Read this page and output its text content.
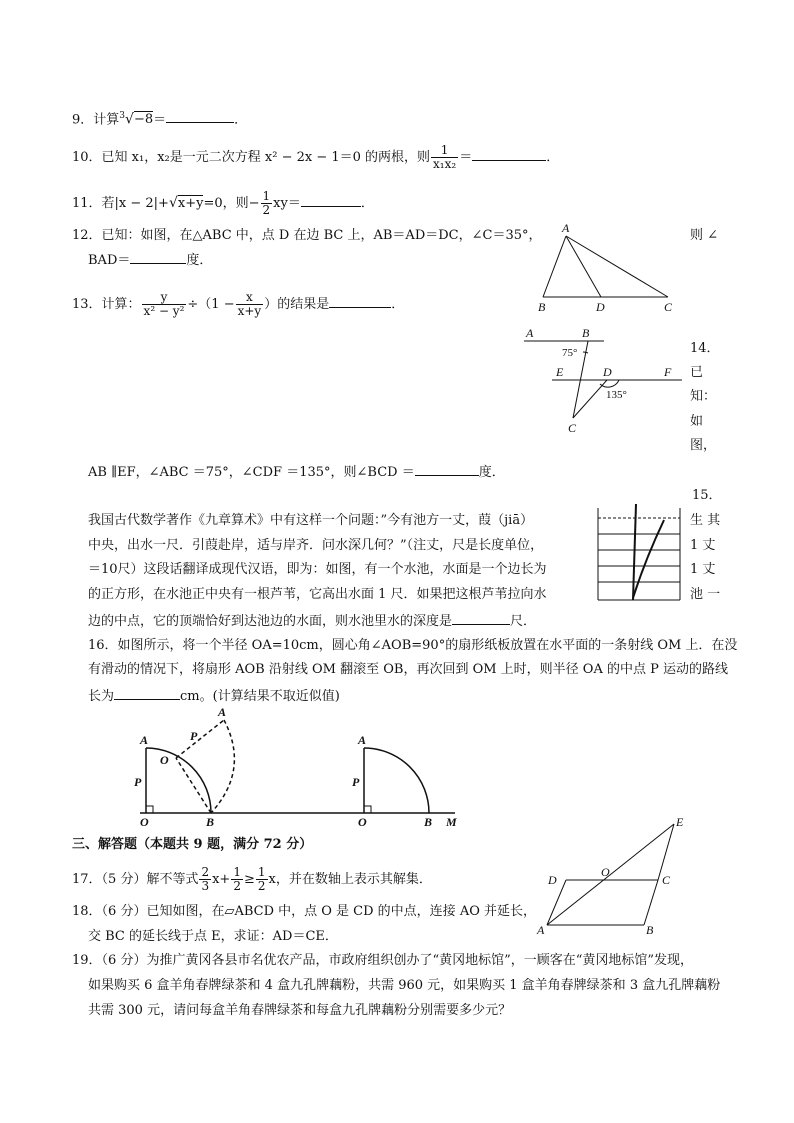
9．计算$^3$√−8＝	．
10．已知 x₁，x₂是一元二次方程 x² − 2x − 1＝0 的两根，则 $\frac{1}{\text{x₁x₂}}$ ＝	．
11．若|x − 2|+√x+y=0，则− $\frac{1}{2} xy=$	．
12．已知：如图，在△ABC 中，点 D 在边 BC 上，AB＝AD＝DC，∠C＝35°，	则 ∠
BAD＝	度．
A
B	D	C
13．计算： $\frac{y}{\text{x² − y²}} \div(1 - \frac{x}{x+y}$ ）的结果是	．
A	B
E	D	F
C
75°
135°
14．
已
知：
如
图，
AB ∥EF，∠ABC ＝75°，∠CDF ＝135°，则∠BCD ＝	度．
15．
我国古代数学著作《九章算术》中有这样一个问题：”今有池方一丈，葭（jiā）
中央，出水一尺．引葭赴岸，适与岸齐．问水深几何？”（注丈，尺是长度单位，
＝10尺）这段话翻译成现代汉语，即为：如图，有一个水池，水面是一个边长为
的正方形，在水池正中央有一根芦苇，它高出水面 1 尺．如果把这根芦苇拉向水
边的中点，它的顶端恰好到达池边的水面，则水池里水的深度是	尺．
生 其
1 丈
1 丈
池 一
16．如图所示，将一个半径 OA=10cm，圆心角∠AOB=90°的扇形纸板放置在水平面的一条射线 OM 上．在没
有滑动的情况下，将扇形 AOB 沿射线 OM 翻滚至 OB，再次回到 OM 上时，则半径 OA 的中点 P 运动的路线
长为	cm。(计算结果不取近似值)
A
P
O	B
A
P
O
A
P
O	B M
三、解答题（本题共 9 题，满分 72 分）
E
D
O
C
A	B
17．（5 分）解不等式 $\frac{2}{3} x+ \frac{1}{2} \ge \frac{1}{2}$ x，并在数轴上表示其解集．
18．（6 分）已知如图，在▱ABCD 中，点 O 是 CD 的中点，连接 AO 并延长，
交 BC 的延长线于点 E，求证：AD＝CE．
19．（6 分）为推广黄冈各县市名优农产品，市政府组织创办了“黄冈地标馆”，一顾客在“黄冈地标馆”发现，
如果购买 6 盒羊角春牌绿茶和 4 盒九孔牌藕粉，共需 960 元，如果购买 1 盒羊角春牌绿茶和 3 盒九孔牌藕粉
共需 300 元，请问每盒羊角春牌绿茶和每盒九孔牌藕粉分别需要多少元？
